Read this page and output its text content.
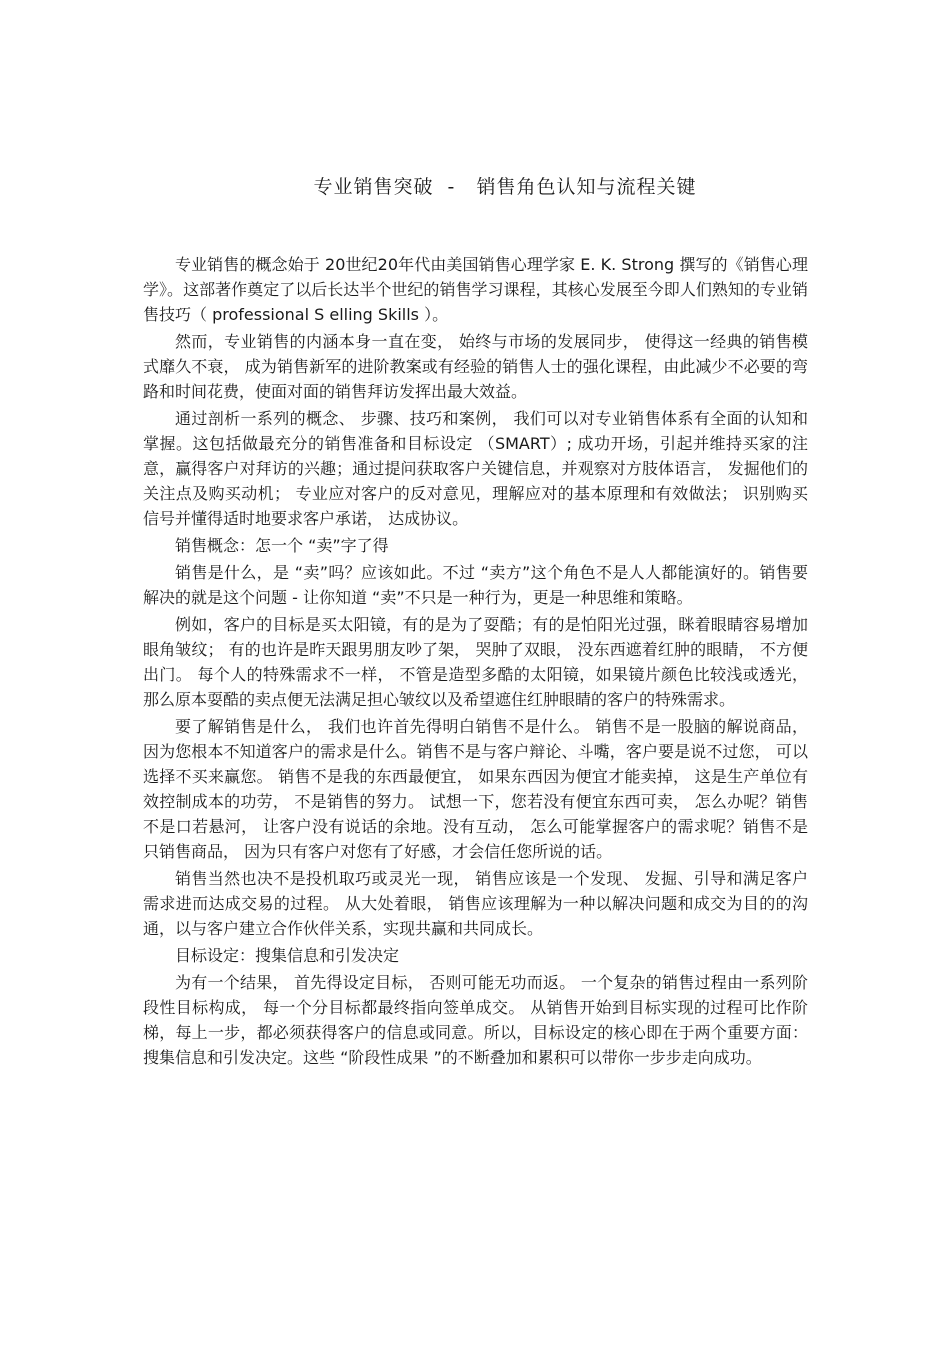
专业销售突破  -   销售角色认知与流程关键

专业销售的概念始于 20世纪20年代由美国销售心理学家 E. K. Strong 撰写的《销售心理学》。这部著作奠定了以后长达半个世纪的销售学习课程，其核心发展至今即人们熟知的专业销售技巧（ professional S elling Skills ）。

然而，专业销售的内涵本身一直在变， 始终与市场的发展同步， 使得这一经典的销售模式靡久不衰， 成为销售新军的进阶教案或有经验的销售人士的强化课程，由此减少不必要的弯路和时间花费，使面对面的销售拜访发挥出最大效益。

通过剖析一系列的概念、 步骤、技巧和案例， 我们可以对专业销售体系有全面的认知和掌握。这包括做最充分的销售准备和目标设定 （SMART）; 成功开场，引起并维持买家的注意，赢得客户对拜访的兴趣；通过提问获取客户关键信息，并观察对方肢体语言， 发掘他们的关注点及购买动机； 专业应对客户的反对意见，理解应对的基本原理和有效做法； 识别购买信号并懂得适时地要求客户承诺， 达成协议。

销售概念：怎一个 “卖”字了得

销售是什么，是 “卖”吗？应该如此。不过 “卖方”这个角色不是人人都能演好的。销售要解决的就是这个问题 - 让你知道 “卖”不只是一种行为，更是一种思维和策略。

例如，客户的目标是买太阳镜，有的是为了耍酷；有的是怕阳光过强，眯着眼睛容易增加眼角皱纹； 有的也许是昨天跟男朋友吵了架， 哭肿了双眼， 没东西遮着红肿的眼睛， 不方便出门。 每个人的特殊需求不一样， 不管是造型多酷的太阳镜，如果镜片颜色比较浅或透光， 那么原本耍酷的卖点便无法满足担心皱纹以及希望遮住红肿眼睛的客户的特殊需求。

要了解销售是什么， 我们也许首先得明白销售不是什么。 销售不是一股脑的解说商品，因为您根本不知道客户的需求是什么。销售不是与客户辩论、斗嘴，客户要是说不过您， 可以选择不买来赢您。 销售不是我的东西最便宜， 如果东西因为便宜才能卖掉， 这是生产单位有效控制成本的功劳， 不是销售的努力。 试想一下，您若没有便宜东西可卖， 怎么办呢？销售不是口若悬河， 让客户没有说话的余地。没有互动， 怎么可能掌握客户的需求呢？销售不是只销售商品， 因为只有客户对您有了好感，才会信任您所说的话。

销售当然也决不是投机取巧或灵光一现， 销售应该是一个发现、 发掘、引导和满足客户需求进而达成交易的过程。 从大处着眼， 销售应该理解为一种以解决问题和成交为目的的沟通，以与客户建立合作伙伴关系，实现共赢和共同成长。

目标设定：搜集信息和引发决定

为有一个结果， 首先得设定目标， 否则可能无功而返。 一个复杂的销售过程由一系列阶段性目标构成， 每一个分目标都最终指向签单成交。 从销售开始到目标实现的过程可比作阶梯，每上一步，都必须获得客户的信息或同意。所以，目标设定的核心即在于两个重要方面：搜集信息和引发决定。这些 “阶段性成果 ”的不断叠加和累积可以带你一步步走向成功。
